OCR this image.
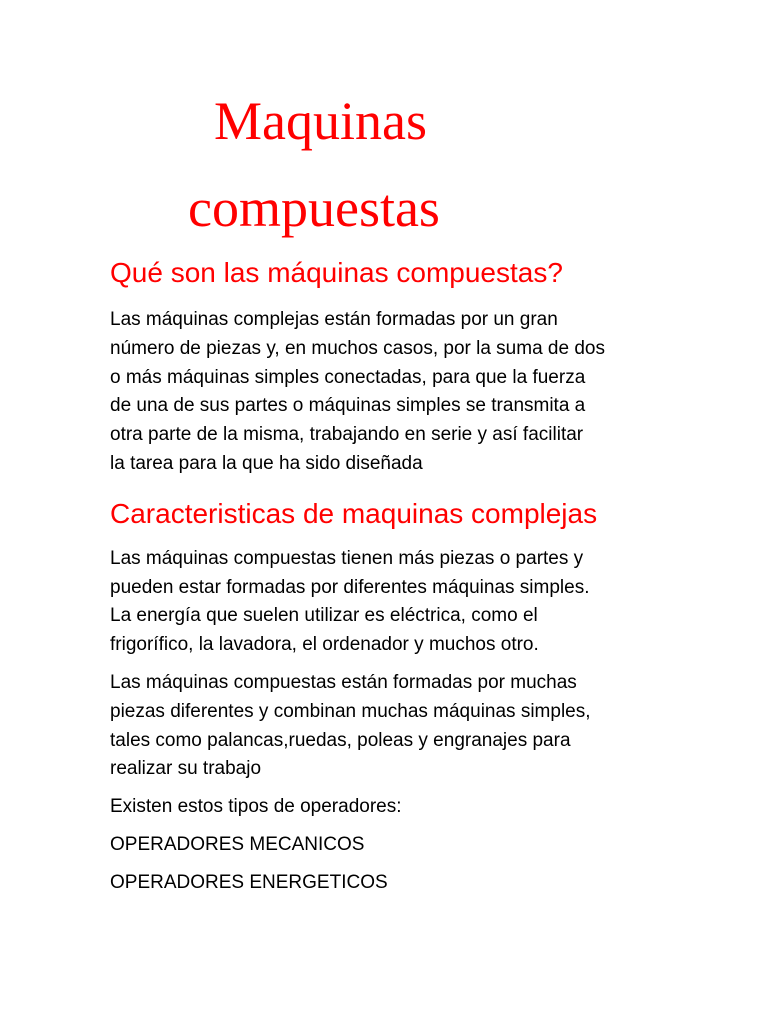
Maquinas
compuestas
Qué son las máquinas compuestas?

Las máquinas complejas están formadas por un gran
número de piezas y, en muchos casos, por la suma de dos
o más máquinas simples conectadas, para que la fuerza
de una de sus partes o máquinas simples se transmita a
otra parte de la misma, trabajando en serie y así facilitar
la tarea para la que ha sido diseñada

Caracteristicas de maquinas complejas

Las máquinas compuestas tienen más piezas o partes y
pueden estar formadas por diferentes máquinas simples.
La energía que suelen utilizar es eléctrica, como el
frigorífico, la lavadora, el ordenador y muchos otro.

Las máquinas compuestas están formadas por muchas
piezas diferentes y combinan muchas máquinas simples,
tales como palancas,ruedas, poleas y engranajes para
realizar su trabajo

Existen estos tipos de operadores:

OPERADORES MECANICOS

OPERADORES ENERGETICOS
